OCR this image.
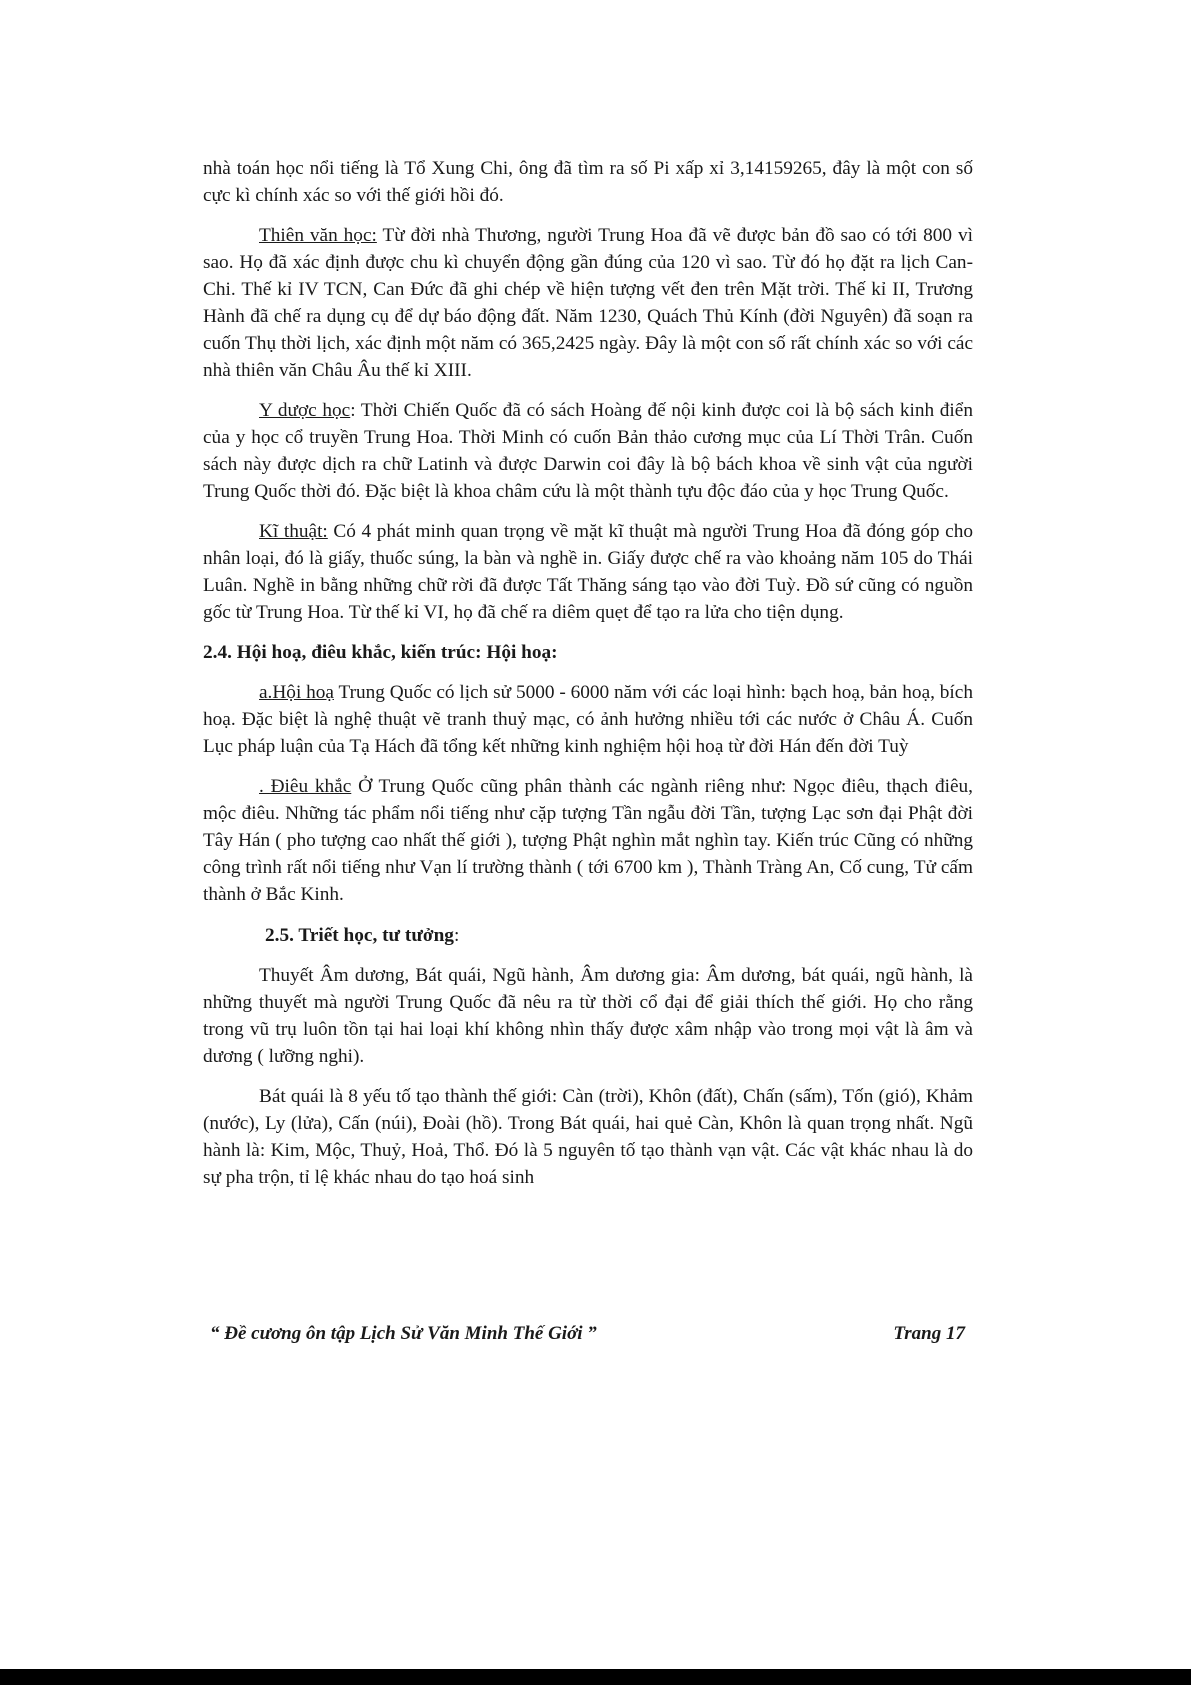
nhà toán học nổi tiếng là Tổ Xung Chi, ông đã tìm ra số Pi xấp xỉ 3,14159265, đây là một con số cực kì chính xác so với thế giới hồi đó.

Thiên văn học: Từ đời nhà Thương, người Trung Hoa đã vẽ được bản đồ sao có tới 800 vì sao. Họ đã xác định được chu kì chuyển động gần đúng của 120 vì sao. Từ đó họ đặt ra lịch Can-Chi. Thế kỉ IV TCN, Can Đức đã ghi chép về hiện tượng vết đen trên Mặt trời. Thế kỉ II, Trương Hành đã chế ra dụng cụ để dự báo động đất. Năm 1230, Quách Thủ Kính (đời Nguyên) đã soạn ra cuốn Thụ thời lịch, xác định một năm có 365,2425 ngày. Đây là một con số rất chính xác so với các nhà thiên văn Châu Âu thế kỉ XIII.

Y dược học: Thời Chiến Quốc đã có sách Hoàng đế nội kinh được coi là bộ sách kinh điển của y học cổ truyền Trung Hoa. Thời Minh có cuốn Bản thảo cương mục của Lí Thời Trân. Cuốn sách này được dịch ra chữ Latinh và được Darwin coi đây là bộ bách khoa về sinh vật của người Trung Quốc thời đó. Đặc biệt là khoa châm cứu là một thành tựu độc đáo của y học Trung Quốc.

Kĩ thuật: Có 4 phát minh quan trọng về mặt kĩ thuật mà người Trung Hoa đã đóng góp cho nhân loại, đó là giấy, thuốc súng, la bàn và nghề in. Giấy được chế ra vào khoảng năm 105 do Thái Luân. Nghề in bằng những chữ rời đã được Tất Thăng sáng tạo vào đời Tuỳ. Đồ sứ cũng có nguồn gốc từ Trung Hoa. Từ thế kỉ VI, họ đã chế ra diêm quẹt để tạo ra lửa cho tiện dụng.

2.4. Hội hoạ, điêu khắc, kiến trúc: Hội hoạ:

a.Hội hoạ Trung Quốc có lịch sử 5000 - 6000 năm với các loại hình: bạch hoạ, bản hoạ, bích hoạ. Đặc biệt là nghệ thuật vẽ tranh thuỷ mạc, có ảnh hưởng nhiều tới các nước ở Châu Á. Cuốn Lục pháp luận của Tạ Hách đã tổng kết những kinh nghiệm hội hoạ từ đời Hán đến đời Tuỳ

. Điêu khắc Ở Trung Quốc cũng phân thành các ngành riêng như: Ngọc điêu, thạch điêu, mộc điêu. Những tác phẩm nổi tiếng như cặp tượng Tần ngẫu đời Tần, tượng Lạc sơn đại Phật đời Tây Hán ( pho tượng cao nhất thế giới ), tượng Phật nghìn mắt nghìn tay. Kiến trúc Cũng có những công trình rất nổi tiếng như Vạn lí trường thành ( tới 6700 km ), Thành Tràng An, Cố cung, Tử cấm thành ở Bắc Kinh.

2.5. Triết học, tư tưởng:

Thuyết Âm dương, Bát quái, Ngũ hành, Âm dương gia: Âm dương, bát quái, ngũ hành, là những thuyết mà người Trung Quốc đã nêu ra từ thời cổ đại để giải thích thế giới. Họ cho rằng trong vũ trụ luôn tồn tại hai loại khí không nhìn thấy được xâm nhập vào trong mọi vật là âm và dương ( lưỡng nghi).

Bát quái là 8 yếu tố tạo thành thế giới: Càn (trời), Khôn (đất), Chấn (sấm), Tốn (gió), Khảm (nước), Ly (lửa), Cấn (núi), Đoài (hồ). Trong Bát quái, hai quẻ Càn, Khôn là quan trọng nhất. Ngũ hành là: Kim, Mộc, Thuỷ, Hoả, Thổ. Đó là 5 nguyên tố tạo thành vạn vật. Các vật khác nhau là do sự pha trộn, tỉ lệ khác nhau do tạo hoá sinh

“ Đề cương ôn tập Lịch Sử Văn Minh Thế Giới ”	Trang 17
